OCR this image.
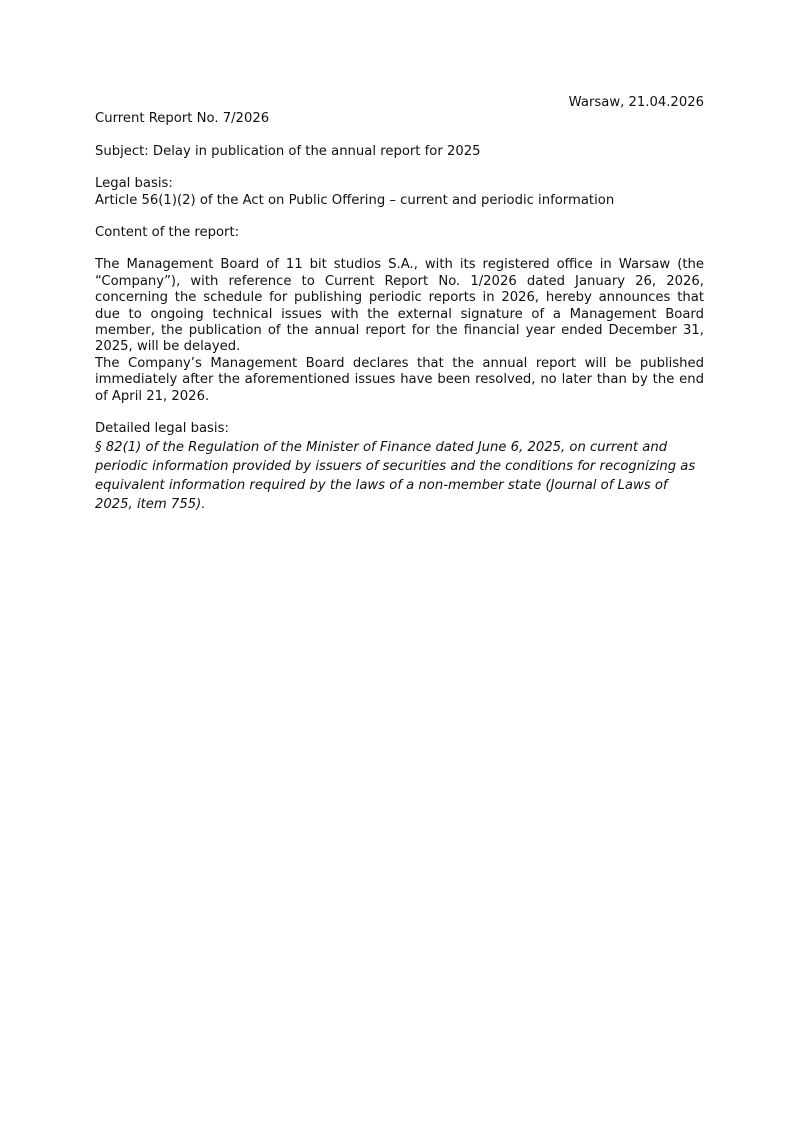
Warsaw, 21.04.2026

Current Report No. 7/2026

Subject: Delay in publication of the annual report for 2025

Legal basis:

Article 56(1)(2) of the Act on Public Offering – current and periodic information

Content of the report:

The Management Board of 11 bit studios S.A., with its registered office in Warsaw (the “Company”), with reference to Current Report No. 1/2026 dated January 26, 2026, concerning the schedule for publishing periodic reports in 2026, hereby announces that due to ongoing technical issues with the external signature of a Management Board member, the publication of the annual report for the financial year ended December 31, 2025, will be delayed.

The Company’s Management Board declares that the annual report will be published immediately after the aforementioned issues have been resolved, no later than by the end of April 21, 2026.

Detailed legal basis:

§ 82(1) of the Regulation of the Minister of Finance dated June 6, 2025, on current and periodic information provided by issuers of securities and the conditions for recognizing as equivalent information required by the laws of a non-member state (Journal of Laws of 2025, item 755).
